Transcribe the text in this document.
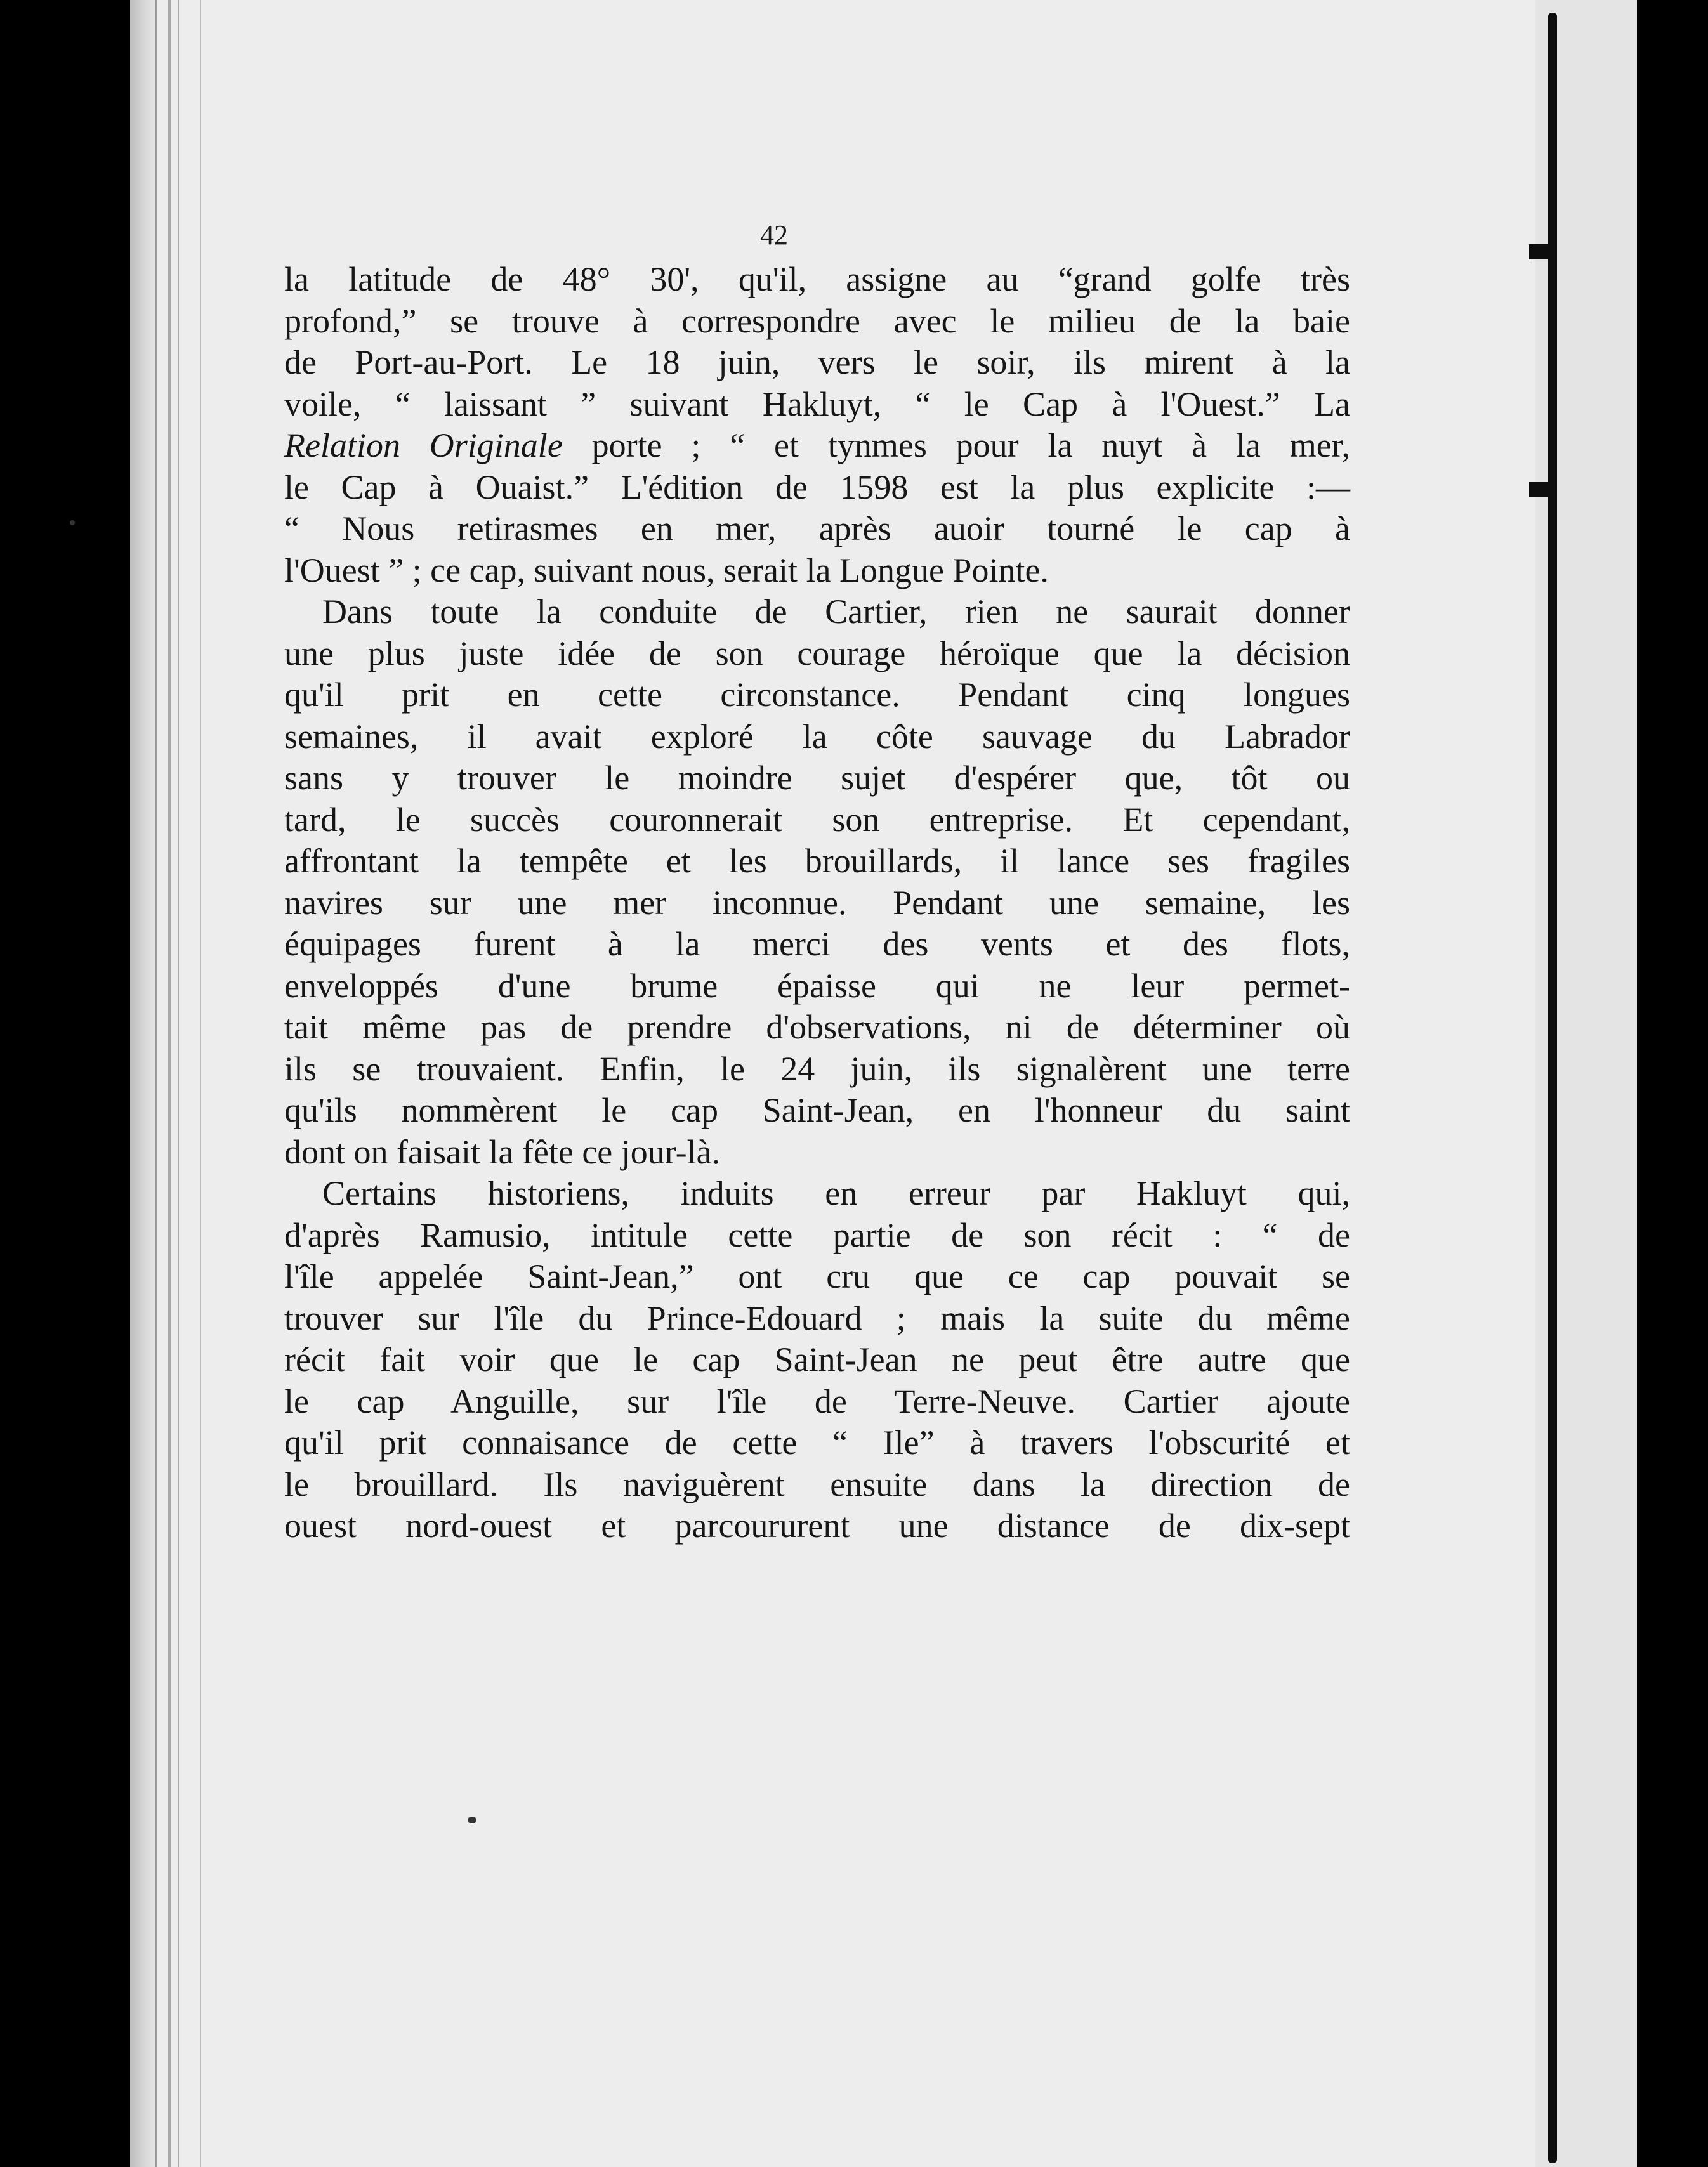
42
la latitude de 48° 30', qu'il, assigne au “grand golfe très
profond,” se trouve à correspondre avec le milieu de la baie
de Port-au-Port. Le 18 juin, vers le soir, ils mirent à la
voile, “ laissant ” suivant Hakluyt, “ le Cap à l'Ouest.” La
Relation Originale porte ; “ et tynmes pour la nuyt à la mer,
le Cap à Ouaist.” L'édition de 1598 est la plus explicite :—
“ Nous retirasmes en mer, après auoir tourné le cap à
l'Ouest ” ; ce cap, suivant nous, serait la Longue Pointe.
Dans toute la conduite de Cartier, rien ne saurait donner
une plus juste idée de son courage héroïque que la décision
qu'il prit en cette circonstance. Pendant cinq longues
semaines, il avait exploré la côte sauvage du Labrador
sans y trouver le moindre sujet d'espérer que, tôt ou
tard, le succès couronnerait son entreprise. Et cependant,
affrontant la tempête et les brouillards, il lance ses fragiles
navires sur une mer inconnue. Pendant une semaine, les
équipages furent à la merci des vents et des flots,
enveloppés d'une brume épaisse qui ne leur permet-
tait même pas de prendre d'observations, ni de déterminer où
ils se trouvaient. Enfin, le 24 juin, ils signalèrent une terre
qu'ils nommèrent le cap Saint-Jean, en l'honneur du saint
dont on faisait la fête ce jour-là.
Certains historiens, induits en erreur par Hakluyt qui,
d'après Ramusio, intitule cette partie de son récit : “ de
l'île appelée Saint-Jean,” ont cru que ce cap pouvait se
trouver sur l'île du Prince-Edouard ; mais la suite du même
récit fait voir que le cap Saint-Jean ne peut être autre que
le cap Anguille, sur l'île de Terre-Neuve. Cartier ajoute
qu'il prit connaisance de cette “ Ile” à travers l'obscurité et
le brouillard. Ils naviguèrent ensuite dans la direction de
ouest nord-ouest et parcoururent une distance de dix-sept
